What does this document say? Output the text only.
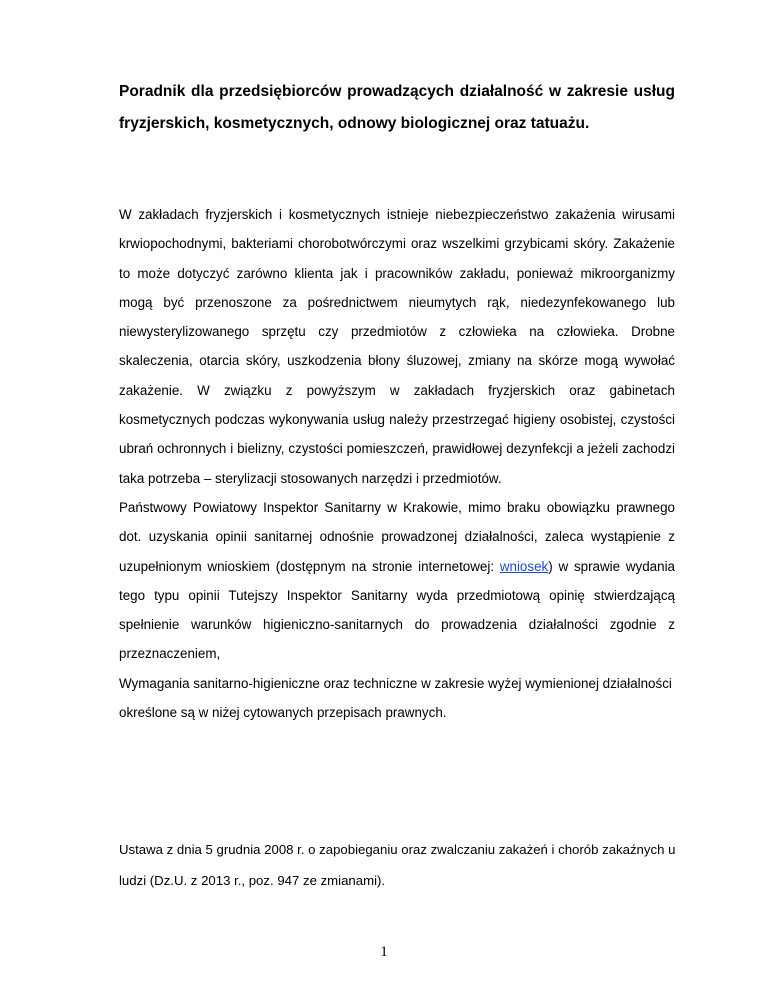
Poradnik dla przedsiębiorców prowadzących działalność w zakresie usług fryzjerskich, kosmetycznych, odnowy biologicznej oraz tatuażu.

W zakładach fryzjerskich i kosmetycznych istnieje niebezpieczeństwo zakażenia wirusami krwiopochodnymi, bakteriami chorobotwórczymi oraz wszelkimi grzybicami skóry. Zakażenie to może dotyczyć zarówno klienta jak i pracowników zakładu, ponieważ mikroorganizmy mogą być przenoszone za pośrednictwem nieumytych rąk, niedezynfekowanego lub niewysterylizowanego sprzętu czy przedmiotów z człowieka na człowieka. Drobne skaleczenia, otarcia skóry, uszkodzenia błony śluzowej, zmiany na skórze mogą wywołać zakażenie. W związku z powyższym w zakładach fryzjerskich oraz gabinetach kosmetycznych podczas wykonywania usług należy przestrzegać higieny osobistej, czystości ubrań ochronnych i bielizny, czystości pomieszczeń, prawidłowej dezynfekcji a jeżeli zachodzi taka potrzeba – sterylizacji stosowanych narzędzi i przedmiotów.

Państwowy Powiatowy Inspektor Sanitarny w Krakowie, mimo braku obowiązku prawnego dot. uzyskania opinii sanitarnej odnośnie prowadzonej działalności, zaleca wystąpienie z uzupełnionym wnioskiem (dostępnym na stronie internetowej: wniosek) w sprawie wydania tego typu opinii Tutejszy Inspektor Sanitarny wyda przedmiotową opinię stwierdzającą spełnienie warunków higieniczno-sanitarnych do prowadzenia działalności zgodnie z przeznaczeniem,

Wymagania sanitarno-higieniczne oraz techniczne w zakresie wyżej wymienionej działalności określone są w niżej cytowanych przepisach prawnych.

Ustawa z dnia 5 grudnia 2008 r. o zapobieganiu oraz zwalczaniu zakażeń i chorób zakaźnych u ludzi (Dz.U. z 2013 r., poz. 947 ze zmianami).
1
